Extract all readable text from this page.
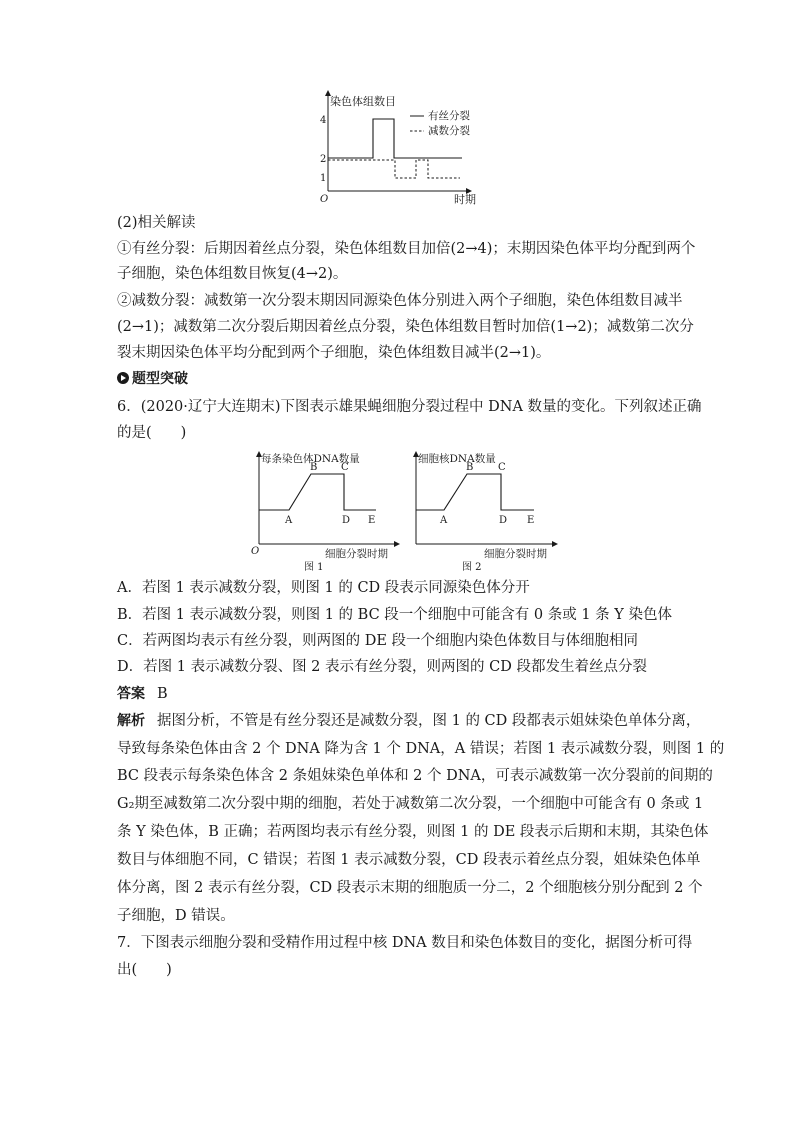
染色体组数目
时期
O
4
2
1
有丝分裂
减数分裂
(2)相关解读
①有丝分裂：后期因着丝点分裂，染色体组数目加倍(2→4)；末期因染色体平均分配到两个
子细胞，染色体组数目恢复(4→2)。
②减数分裂：减数第一次分裂末期因同源染色体分别进入两个子细胞，染色体组数目减半
(2→1)；减数第二次分裂后期因着丝点分裂，染色体组数目暂时加倍(1→2)；减数第二次分
裂末期因染色体平均分配到两个子细胞，染色体组数目减半(2→1)。
题型突破
6．(2020·辽宁大连期末)下图表示雄果蝇细胞分裂过程中 DNA 数量的变化。下列叙述正确
的是(　　)
每条染色体DNA数量
A
B C
D E
O	细胞分裂时期
图 1
细胞核DNA数量
A
B C
D E
细胞分裂时期
图 2
A．若图 1 表示减数分裂，则图 1 的 CD 段表示同源染色体分开
B．若图 1 表示减数分裂，则图 1 的 BC 段一个细胞中可能含有 0 条或 1 条 Y 染色体
C．若两图均表示有丝分裂，则两图的 DE 段一个细胞内染色体数目与体细胞相同
D．若图 1 表示减数分裂、图 2 表示有丝分裂，则两图的 CD 段都发生着丝点分裂
答案 B
解析 据图分析，不管是有丝分裂还是减数分裂，图 1 的 CD 段都表示姐妹染色单体分离，
导致每条染色体由含 2 个 DNA 降为含 1 个 DNA，A 错误；若图 1 表示减数分裂，则图 1 的
BC 段表示每条染色体含 2 条姐妹染色单体和 2 个 DNA，可表示减数第一次分裂前的间期的
G₂期至减数第二次分裂中期的细胞，若处于减数第二次分裂，一个细胞中可能含有 0 条或 1
条 Y 染色体，B 正确；若两图均表示有丝分裂，则图 1 的 DE 段表示后期和末期，其染色体
数目与体细胞不同，C 错误；若图 1 表示减数分裂，CD 段表示着丝点分裂，姐妹染色体单
体分离，图 2 表示有丝分裂，CD 段表示末期的细胞质一分二，2 个细胞核分别分配到 2 个
子细胞，D 错误。
7．下图表示细胞分裂和受精作用过程中核 DNA 数目和染色体数目的变化，据图分析可得
出(　　)
